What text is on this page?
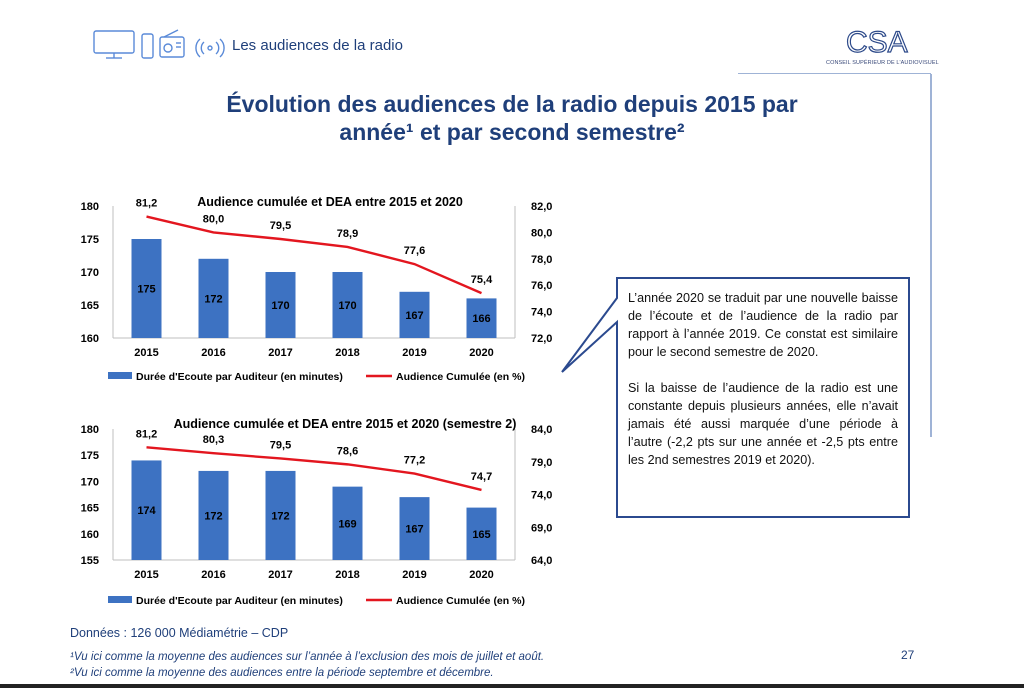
Les audiences de la radio	CSA
CONSEIL SUPÉRIEUR DE L'AUDIOVISUEL
Évolution des audiences de la radio depuis 2015 par
année¹ et par second semestre²
160
165
170
175
180
72,0
74,0
76,0
78,0
80,0
82,0
175
2015
172
2016
170
2017
170
2018
167
2019
166
2020
81,2
80,0
79,5
78,9
77,6
75,4
Audience cumulée et DEA entre 2015 et 2020
Durée d'Ecoute par Auditeur (en minutes)	Audience Cumulée (en %)
155
160
165
170
175
180
64,0
69,0
74,0
79,0
84,0
174
2015
172
2016
172
2017
169
2018
167
2019
165
2020
81,2	80,3	79,5	78,6
77,2
74,7
Audience cumulée et DEA entre 2015 et 2020 (semestre 2)
Durée d'Ecoute par Auditeur (en minutes)	Audience Cumulée (en %)

L’année 2020 se traduit par une nouvelle baisse de l’écoute et de l’audience de la radio par rapport à l’année 2019. Ce constat est similaire pour le second semestre de 2020.

Si la baisse de l’audience de la radio est une constante depuis plusieurs années, elle n’avait jamais été aussi marquée d’une période à l’autre (-2,2 pts sur une année et -2,5 pts entre les 2nd semestres 2019 et 2020).

Données : 126 000 Médiamétrie – CDP
¹Vu ici comme la moyenne des audiences sur l’année à l’exclusion des mois de juillet et août.
²Vu ici comme la moyenne des audiences entre la période septembre et décembre.
27
